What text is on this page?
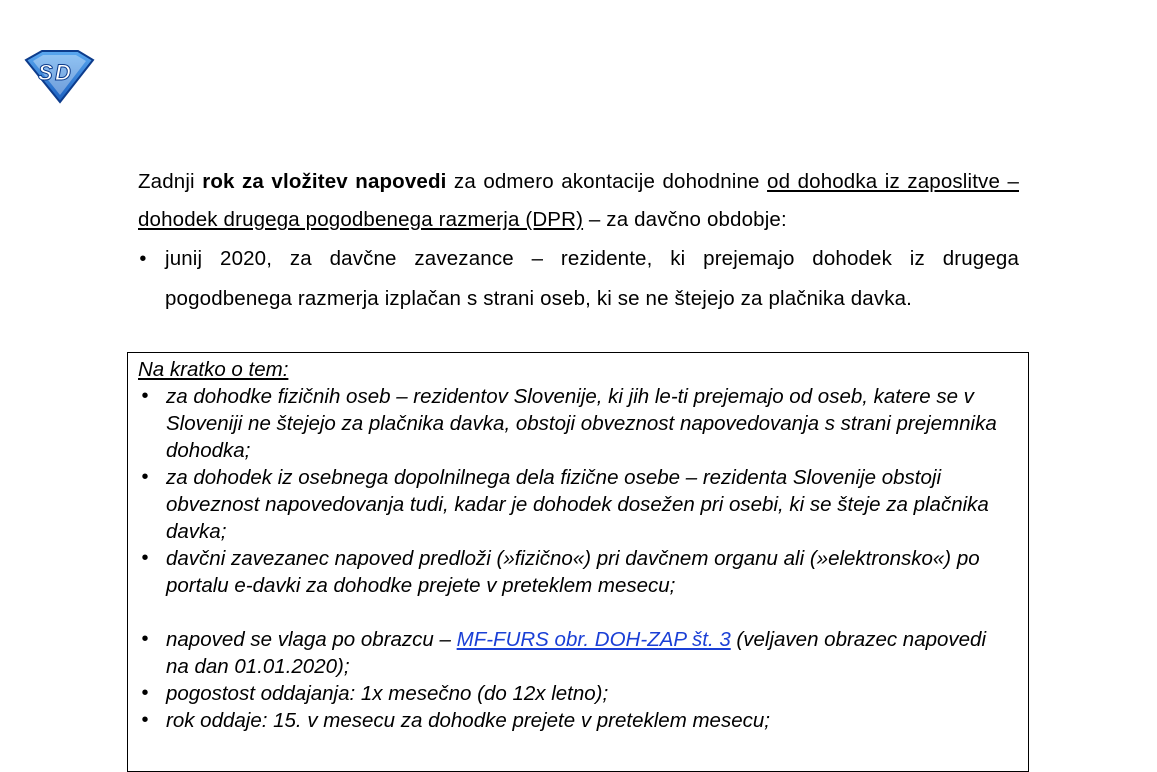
S D

Zadnji rok za vložitev napovedi za odmero akontacije dohodnine od dohodka iz zaposlitve – dohodek drugega pogodbenega razmerja (DPR) – za davčno obdobje:

• junij 2020, za davčne zavezance – rezidente, ki prejemajo dohodek iz drugega pogodbenega razmerja izplačan s strani oseb, ki se ne štejejo za plačnika davka.

Na kratko o tem:

• za dohodke fizičnih oseb – rezidentov Slovenije, ki jih le-ti prejemajo od oseb, katere se v Sloveniji ne štejejo za plačnika davka, obstoji obveznost napovedovanja s strani prejemnika dohodka;
• za dohodek iz osebnega dopolnilnega dela fizične osebe – rezidenta Slovenije obstoji obveznost napovedovanja tudi, kadar je dohodek dosežen pri osebi, ki se šteje za plačnika davka;
• davčni zavezanec napoved predloži (»fizično«) pri davčnem organu ali (»elektronsko«) po portalu e-davki za dohodke prejete v preteklem mesecu;
• napoved se vlaga po obrazcu – MF-FURS obr. DOH-ZAP št. 3 (veljaven obrazec napovedi na dan 01.01.2020);
• pogostost oddajanja: 1x mesečno (do 12x letno);
• rok oddaje: 15. v mesecu za dohodke prejete v preteklem mesecu;
